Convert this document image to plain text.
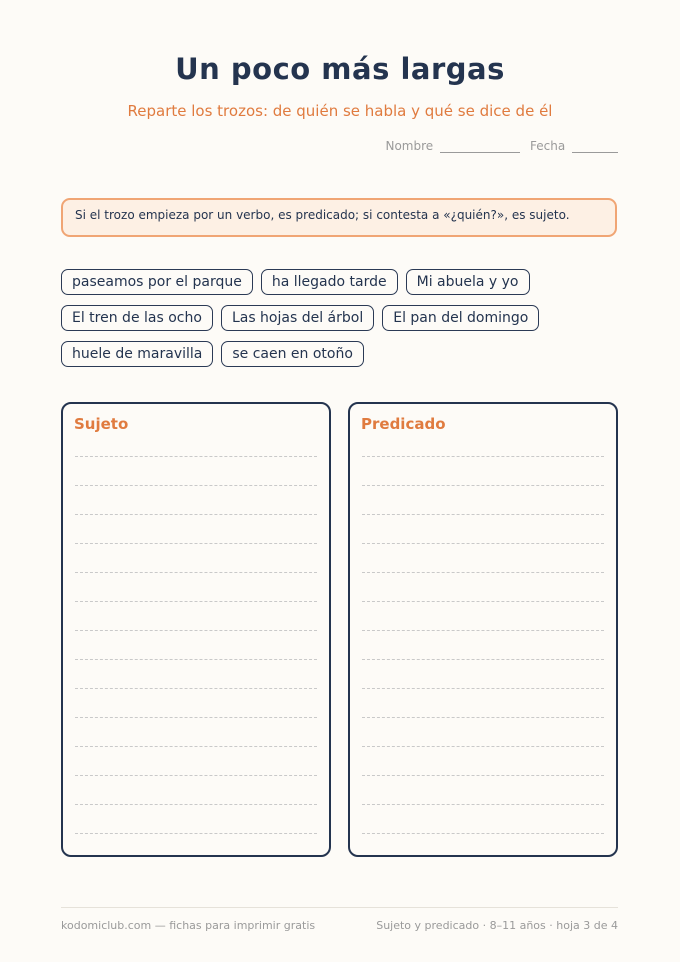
Un poco más largas
Reparte los trozos: de quién se habla y qué se dice de él
Nombre	Fecha
Si el trozo empieza por un verbo, es predicado; si contesta a «¿quién?», es sujeto.
paseamos por el parque	ha llegado tarde	Mi abuela y yo
El tren de las ocho	Las hojas del árbol	El pan del domingo
huele de maravilla	se caen en otoño
Sujeto	Predicado
kodomiclub.com — fichas para imprimir gratis	Sujeto y predicado · 8–11 años · hoja 3 de 4
